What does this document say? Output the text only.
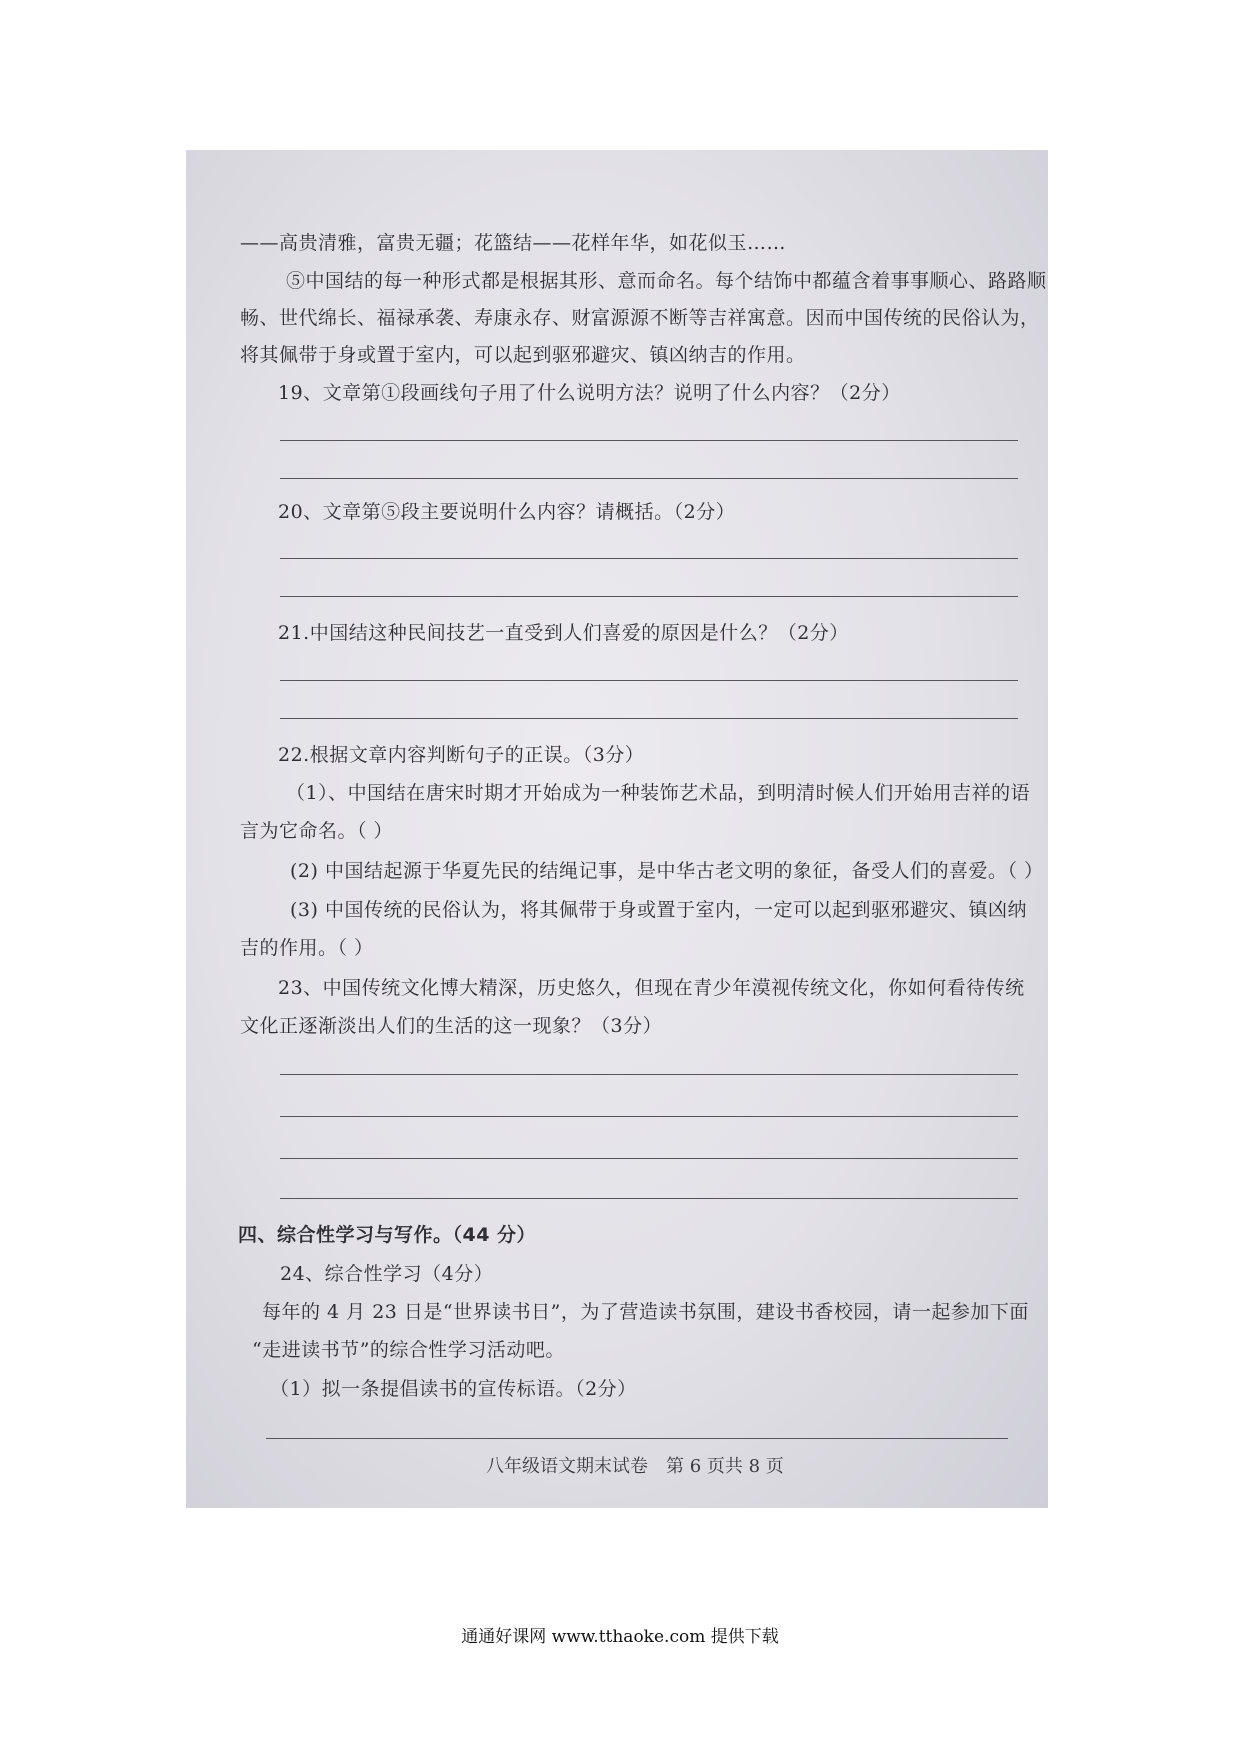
——高贵清雅，富贵无疆；花篮结——花样年华，如花似玉……
⑤中国结的每一种形式都是根据其形、意而命名。每个结饰中都蕴含着事事顺心、路路顺
畅、世代绵长、福禄承袭、寿康永存、财富源源不断等吉祥寓意。因而中国传统的民俗认为，
将其佩带于身或置于室内，可以起到驱邪避灾、镇凶纳吉的作用。
19、文章第①段画线句子用了什么说明方法？说明了什么内容？（2分）
20、文章第⑤段主要说明什么内容？请概括。（2分）
21.中国结这种民间技艺一直受到人们喜爱的原因是什么？（2分）
22.根据文章内容判断句子的正误。（3分）
（1）、中国结在唐宋时期才开始成为一种装饰艺术品，到明清时候人们开始用吉祥的语
言为它命名。（ ）
(2) 中国结起源于华夏先民的结绳记事，是中华古老文明的象征，备受人们的喜爱。（ ）
(3) 中国传统的民俗认为，将其佩带于身或置于室内，一定可以起到驱邪避灾、镇凶纳
吉的作用。（ ）
23、中国传统文化博大精深，历史悠久，但现在青少年漠视传统文化，你如何看待传统
文化正逐渐淡出人们的生活的这一现象？（3分）
四、综合性学习与写作。（44 分）
24、综合性学习（4分）
每年的 4 月 23 日是“世界读书日”，为了营造读书氛围，建设书香校园，请一起参加下面
“走进读书节”的综合性学习活动吧。
（1）拟一条提倡读书的宣传标语。（2分）
八年级语文期末试卷　第 6 页共 8 页
通通好课网 www.tthaoke.com 提供下载
